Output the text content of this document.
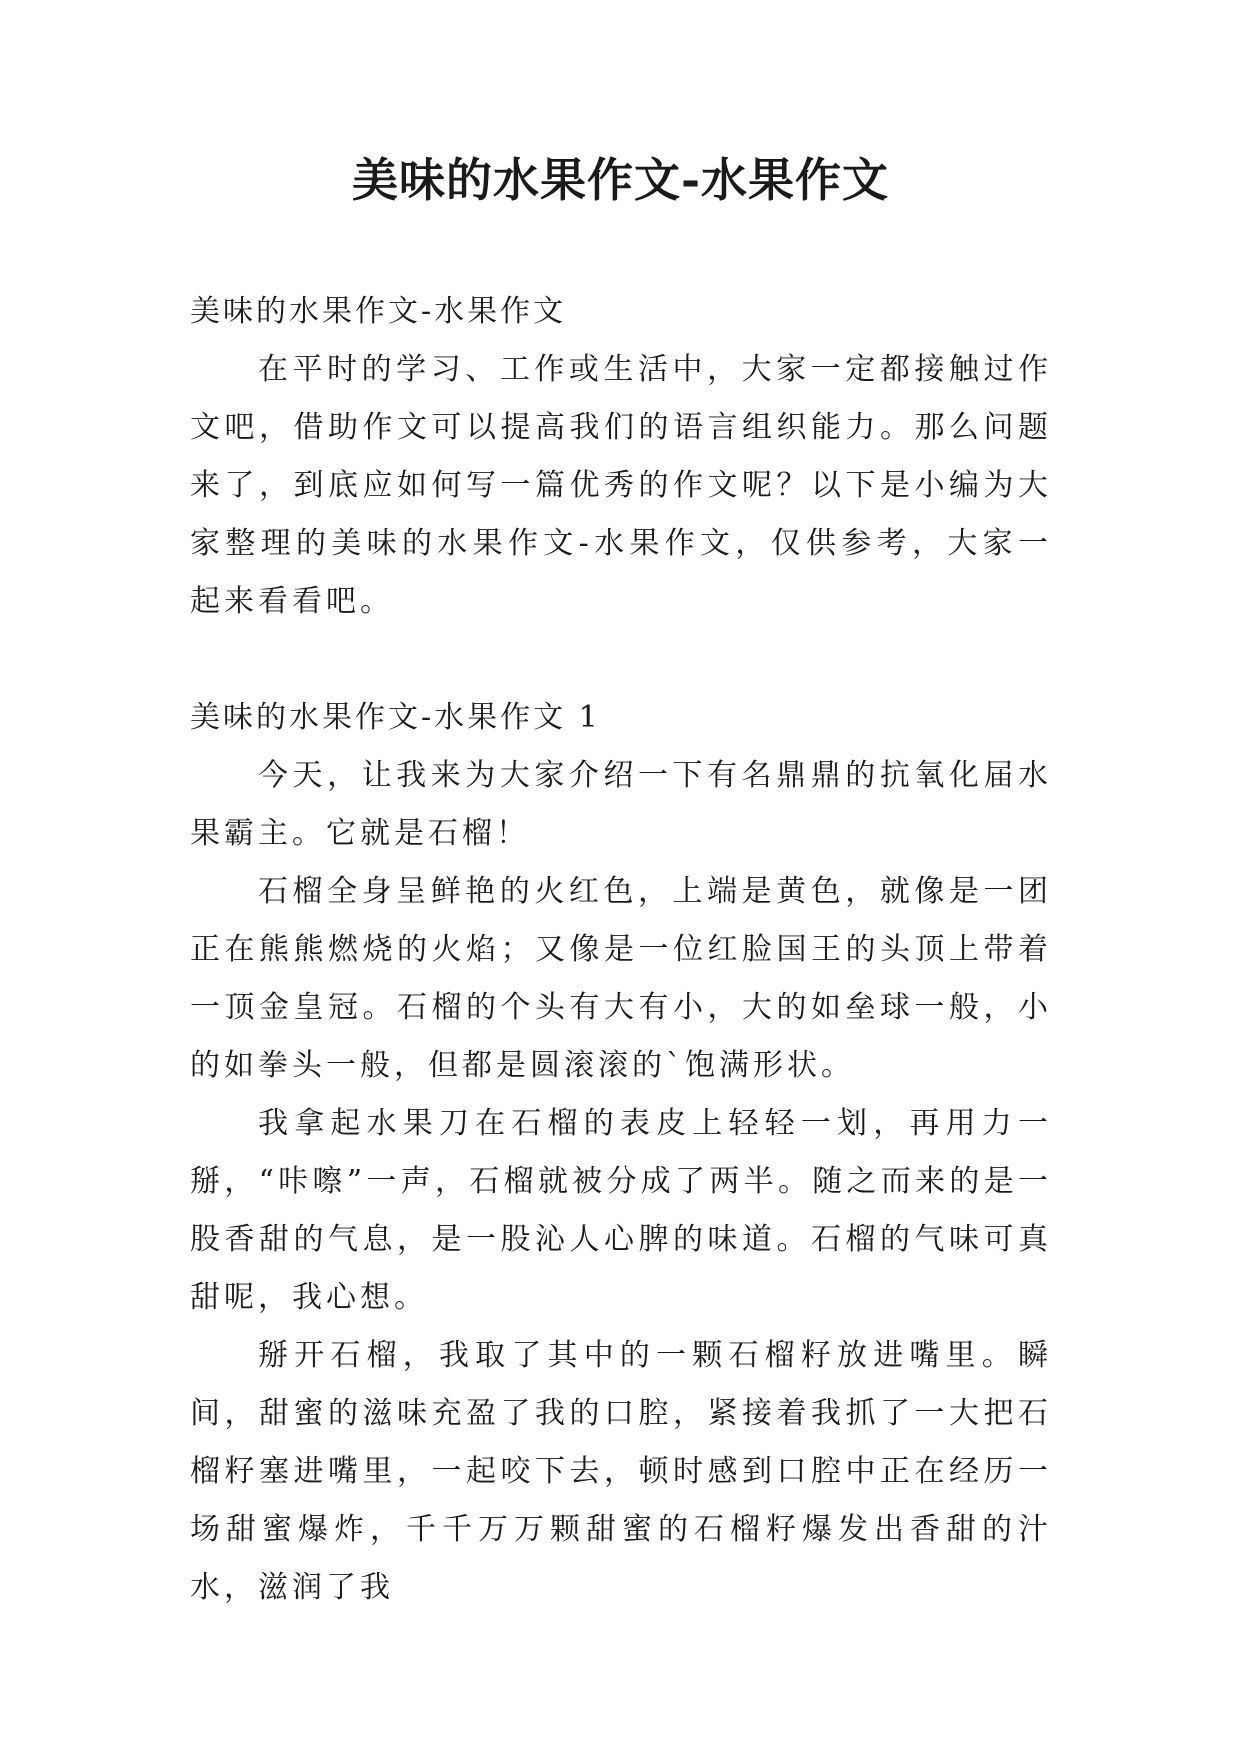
美味的水果作文-水果作文

美味的水果作文-水果作文

在平时的学习、工作或生活中，大家一定都接触过作文吧，借助作文可以提高我们的语言组织能力。那么问题来了，到底应如何写一篇优秀的作文呢？以下是小编为大家整理的美味的水果作文-水果作文，仅供参考，大家一起来看看吧。

美味的水果作文-水果作文 1

今天，让我来为大家介绍一下有名鼎鼎的抗氧化届水果霸主。它就是石榴！

石榴全身呈鲜艳的火红色，上端是黄色，就像是一团正在熊熊燃烧的火焰；又像是一位红脸国王的头顶上带着一顶金皇冠。石榴的个头有大有小，大的如垒球一般，小的如拳头一般，但都是圆滚滚的`饱满形状。

我拿起水果刀在石榴的表皮上轻轻一划，再用力一掰，“咔嚓”一声，石榴就被分成了两半。随之而来的是一股香甜的气息，是一股沁人心脾的味道。石榴的气味可真甜呢，我心想。

掰开石榴，我取了其中的一颗石榴籽放进嘴里。瞬间，甜蜜的滋味充盈了我的口腔，紧接着我抓了一大把石榴籽塞进嘴里，一起咬下去，顿时感到口腔中正在经历一场甜蜜爆炸，千千万万颗甜蜜的石榴籽爆发出香甜的汁水，滋润了我
